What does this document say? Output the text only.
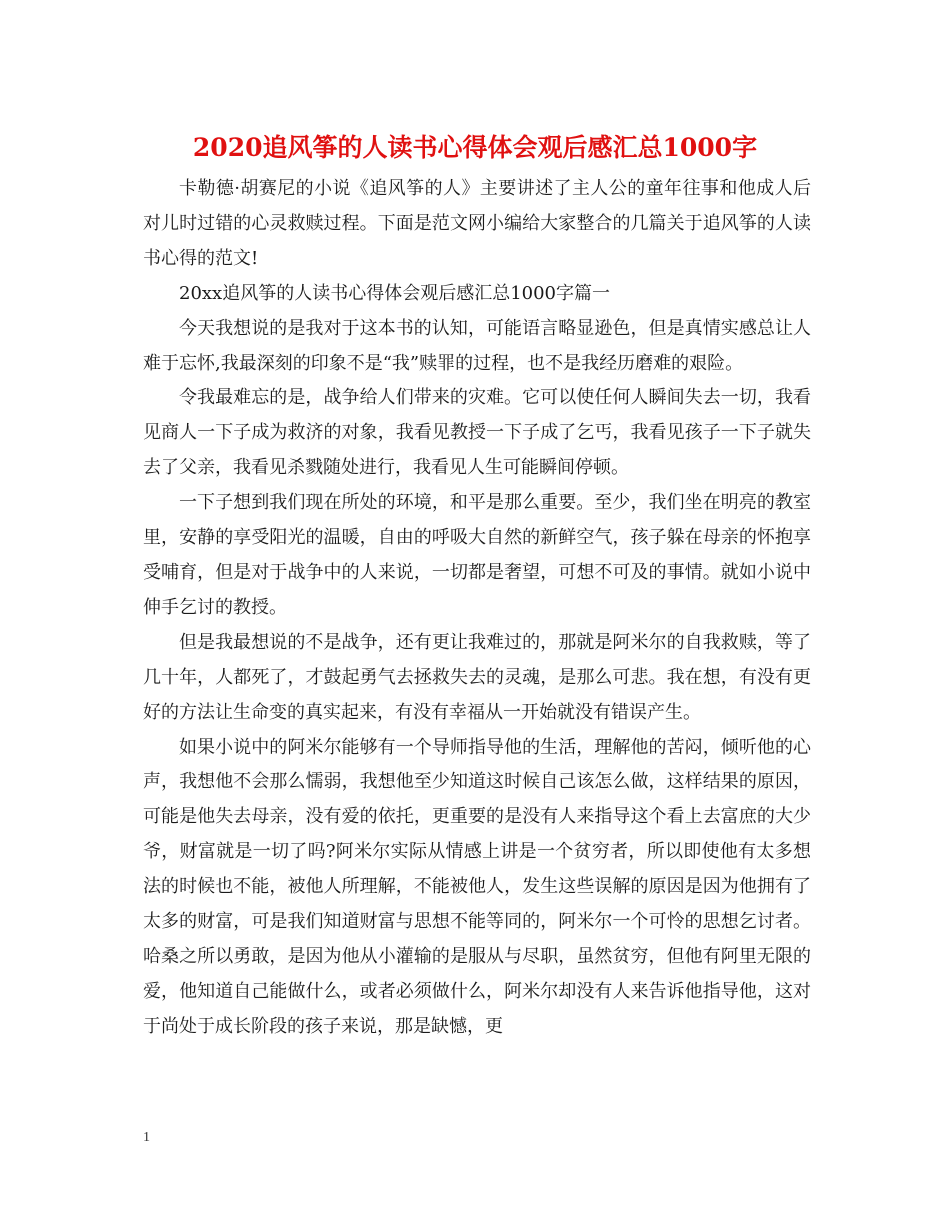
2020追风筝的人读书心得体会观后感汇总1000字

卡勒德·胡赛尼的小说《追风筝的人》主要讲述了主人公的童年往事和他成人后对儿时过错的心灵救赎过程。下面是范文网小编给大家整合的几篇关于追风筝的人读书心得的范文!

20xx追风筝的人读书心得体会观后感汇总1000字篇一

今天我想说的是我对于这本书的认知，可能语言略显逊色，但是真情实感总让人难于忘怀,我最深刻的印象不是“我”赎罪的过程，也不是我经历磨难的艰险。

令我最难忘的是，战争给人们带来的灾难。它可以使任何人瞬间失去一切，我看见商人一下子成为救济的对象，我看见教授一下子成了乞丐，我看见孩子一下子就失去了父亲，我看见杀戮随处进行，我看见人生可能瞬间停顿。

一下子想到我们现在所处的环境，和平是那么重要。至少，我们坐在明亮的教室里，安静的享受阳光的温暖，自由的呼吸大自然的新鲜空气，孩子躲在母亲的怀抱享受哺育，但是对于战争中的人来说，一切都是奢望，可想不可及的事情。就如小说中伸手乞讨的教授。

但是我最想说的不是战争，还有更让我难过的，那就是阿米尔的自我救赎，等了几十年，人都死了，才鼓起勇气去拯救失去的灵魂，是那么可悲。我在想，有没有更好的方法让生命变的真实起来，有没有幸福从一开始就没有错误产生。

如果小说中的阿米尔能够有一个导师指导他的生活，理解他的苦闷，倾听他的心声，我想他不会那么懦弱，我想他至少知道这时候自己该怎么做，这样结果的原因，可能是他失去母亲，没有爱的依托，更重要的是没有人来指导这个看上去富庶的大少爷，财富就是一切了吗?阿米尔实际从情感上讲是一个贫穷者，所以即使他有太多想法的时候也不能，被他人所理解，不能被他人，发生这些误解的原因是因为他拥有了太多的财富，可是我们知道财富与思想不能等同的，阿米尔一个可怜的思想乞讨者。哈桑之所以勇敢，是因为他从小灌输的是服从与尽职，虽然贫穷，但他有阿里无限的爱，他知道自己能做什么，或者必须做什么，阿米尔却没有人来告诉他指导他，这对于尚处于成长阶段的孩子来说，那是缺憾，更

1
